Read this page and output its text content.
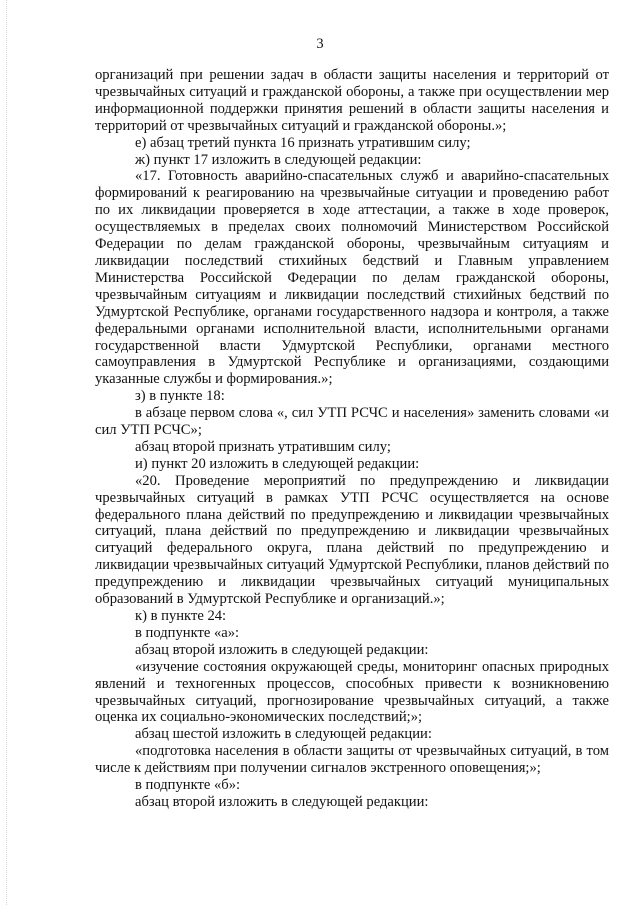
3

организаций при решении задач в области защиты населения и территорий от чрезвычайных ситуаций и гражданской обороны, а также при осуществлении мер информационной поддержки принятия решений в области защиты населения и территорий от чрезвычайных ситуаций и гражданской обороны.»;

е) абзац третий пункта 16 признать утратившим силу;

ж) пункт 17 изложить в следующей редакции:

«17. Готовность аварийно-спасательных служб и аварийно-спасательных формирований к реагированию на чрезвычайные ситуации и проведению работ по их ликвидации проверяется в ходе аттестации, а также в ходе проверок, осуществляемых в пределах своих полномочий Министерством Российской Федерации по делам гражданской обороны, чрезвычайным ситуациям и ликвидации последствий стихийных бедствий и Главным управлением Министерства Российской Федерации по делам гражданской обороны, чрезвычайным ситуациям и ликвидации последствий стихийных бедствий по Удмуртской Республике, органами государственного надзора и контроля, а также федеральными органами исполнительной власти, исполнительными органами государственной власти Удмуртской Республики, органами местного самоуправления в Удмуртской Республике и организациями, создающими указанные службы и формирования.»;

з) в пункте 18:

в абзаце первом слова «, сил УТП РСЧС и населения» заменить словами «и сил УТП РСЧС»;

абзац второй признать утратившим силу;

и) пункт 20 изложить в следующей редакции:

«20. Проведение мероприятий по предупреждению и ликвидации чрезвычайных ситуаций в рамках УТП РСЧС осуществляется на основе федерального плана действий по предупреждению и ликвидации чрезвычайных ситуаций, плана действий по предупреждению и ликвидации чрезвычайных ситуаций федерального округа, плана действий по предупреждению и ликвидации чрезвычайных ситуаций Удмуртской Республики, планов действий по предупреждению и ликвидации чрезвычайных ситуаций муниципальных образований в Удмуртской Республике и организаций.»;

к) в пункте 24:

в подпункте «а»:

абзац второй изложить в следующей редакции:

«изучение состояния окружающей среды, мониторинг опасных природных явлений и техногенных процессов, способных привести к возникновению чрезвычайных ситуаций, прогнозирование чрезвычайных ситуаций, а также оценка их социально-экономических последствий;»;

абзац шестой изложить в следующей редакции:

«подготовка населения в области защиты от чрезвычайных ситуаций, в том числе к действиям при получении сигналов экстренного оповещения;»;

в подпункте «б»:

абзац второй изложить в следующей редакции:
